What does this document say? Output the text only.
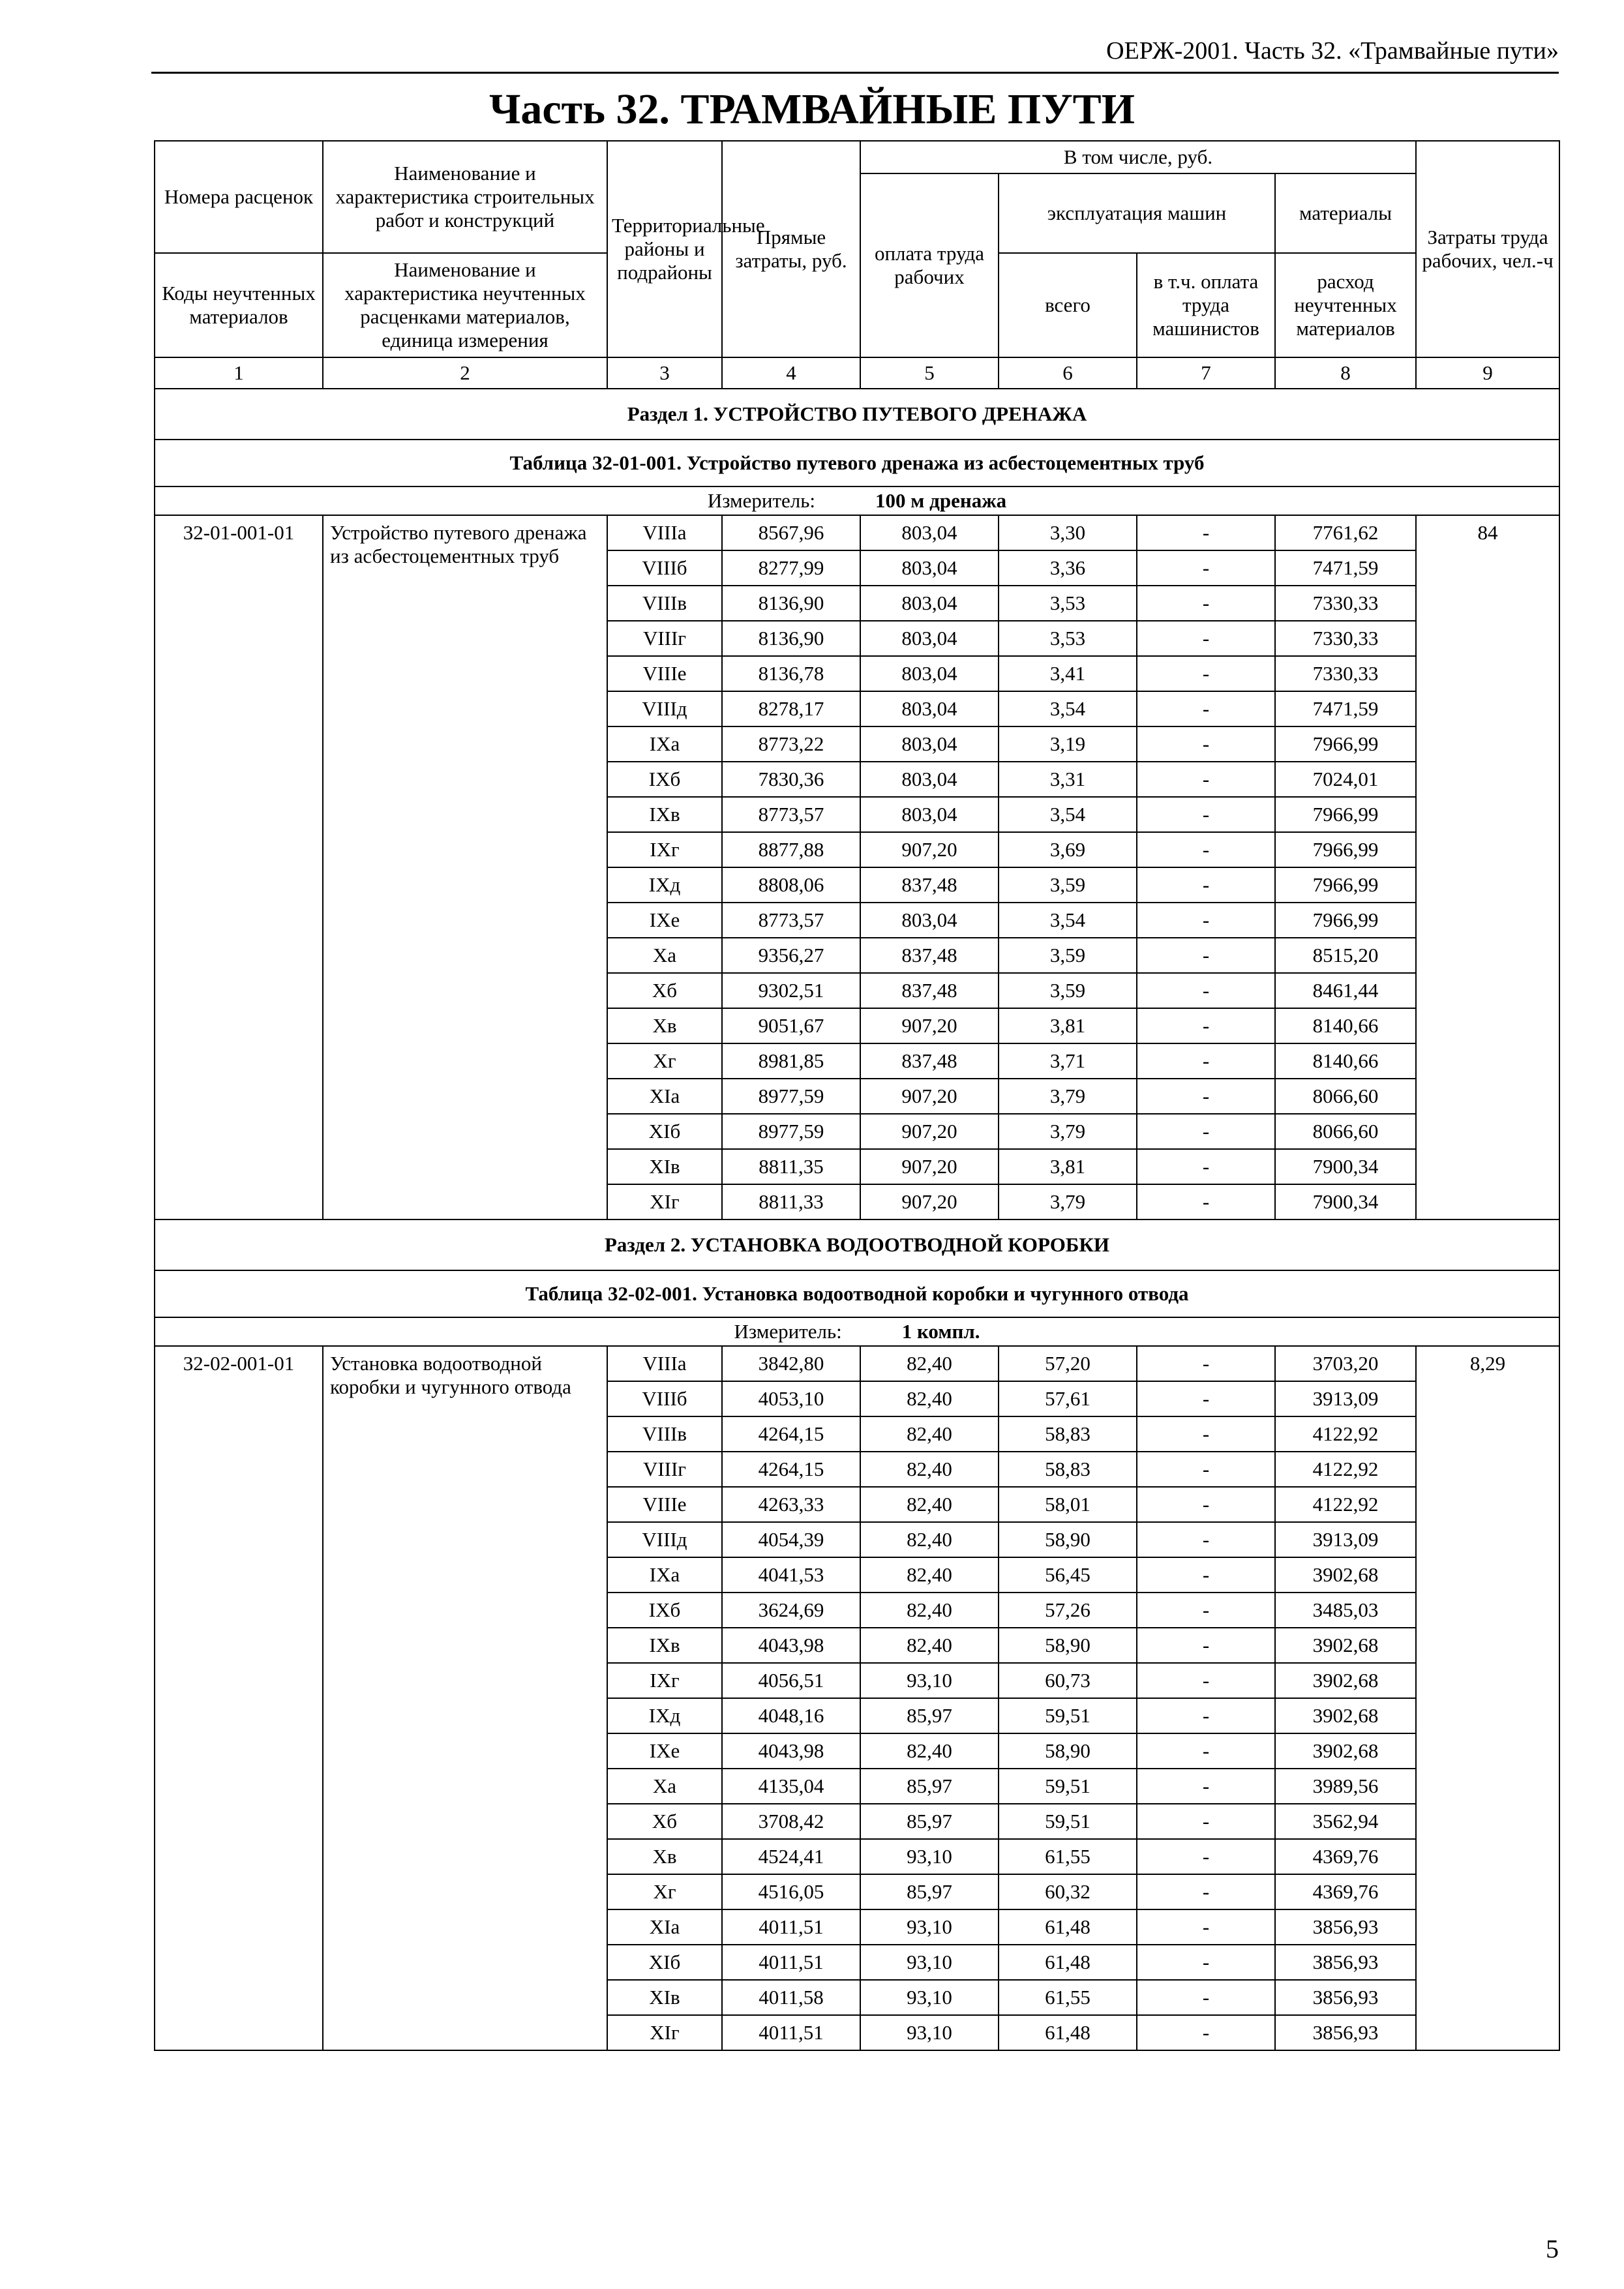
ОЕРЖ-2001. Часть 32. «Трамвайные пути»
Часть 32. ТРАМВАЙНЫЕ ПУТИ
Номера расценок	Наименование и характеристика строительных работ и конструкций	Территориальные районы и подрайоны	Прямые затраты, руб.	В том числе, руб.				Затраты труда рабочих, чел.-ч
				оплата труда рабочих	эксплуатация машин		материалы	
Коды неучтенных материалов	Наименование и характеристика неучтенных расценками материалов, единица измерения				всего	в т.ч. оплата труда машинистов	расход неучтенных материалов	

1	2	3	4	5	6	7	8	9
Раздел 1. УСТРОЙСТВО ПУТЕВОГО ДРЕНАЖА								
Таблица 32-01-001. Устройство путевого дренажа из асбестоцементных труб								
Измеритель: 100 м дренажа								
32-01-001-01	Устройство путевого дренажа из асбестоцементных труб	VIIIа	8567,96	803,04	3,30	-	7761,62	84
		VIIIб	8277,99	803,04	3,36	-	7471,59	
		VIIIв	8136,90	803,04	3,53	-	7330,33	
		VIIIг	8136,90	803,04	3,53	-	7330,33	
		VIIIе	8136,78	803,04	3,41	-	7330,33	
		VIIIд	8278,17	803,04	3,54	-	7471,59	
		IXа	8773,22	803,04	3,19	-	7966,99	
		IXб	7830,36	803,04	3,31	-	7024,01	
		IXв	8773,57	803,04	3,54	-	7966,99	
		IXг	8877,88	907,20	3,69	-	7966,99	
		IXд	8808,06	837,48	3,59	-	7966,99	
		IXе	8773,57	803,04	3,54	-	7966,99	
		Xа	9356,27	837,48	3,59	-	8515,20	
		Xб	9302,51	837,48	3,59	-	8461,44	
		Xв	9051,67	907,20	3,81	-	8140,66	
		Xг	8981,85	837,48	3,71	-	8140,66	
		XIа	8977,59	907,20	3,79	-	8066,60	
		XIб	8977,59	907,20	3,79	-	8066,60	
		XIв	8811,35	907,20	3,81	-	7900,34	
		XIг	8811,33	907,20	3,79	-	7900,34	
Раздел 2. УСТАНОВКА ВОДООТВОДНОЙ КОРОБКИ								
Таблица 32-02-001. Установка водоотводной коробки и чугунного отвода								
Измеритель: 1 компл.								
32-02-001-01	Установка водоотводной коробки и чугунного отвода	VIIIа	3842,80	82,40	57,20	-	3703,20	8,29
		VIIIб	4053,10	82,40	57,61	-	3913,09	
		VIIIв	4264,15	82,40	58,83	-	4122,92	
		VIIIг	4264,15	82,40	58,83	-	4122,92	
		VIIIе	4263,33	82,40	58,01	-	4122,92	
		VIIIд	4054,39	82,40	58,90	-	3913,09	
		IXа	4041,53	82,40	56,45	-	3902,68	
		IXб	3624,69	82,40	57,26	-	3485,03	
		IXв	4043,98	82,40	58,90	-	3902,68	
		IXг	4056,51	93,10	60,73	-	3902,68	
		IXд	4048,16	85,97	59,51	-	3902,68	
		IXе	4043,98	82,40	58,90	-	3902,68	
		Xа	4135,04	85,97	59,51	-	3989,56	
		Xб	3708,42	85,97	59,51	-	3562,94	
		Xв	4524,41	93,10	61,55	-	4369,76	
		Xг	4516,05	85,97	60,32	-	4369,76	
		XIа	4011,51	93,10	61,48	-	3856,93	
		XIб	4011,51	93,10	61,48	-	3856,93	
		XIв	4011,58	93,10	61,55	-	3856,93	
		XIг	4011,51	93,10	61,48	-	3856,93	
5
